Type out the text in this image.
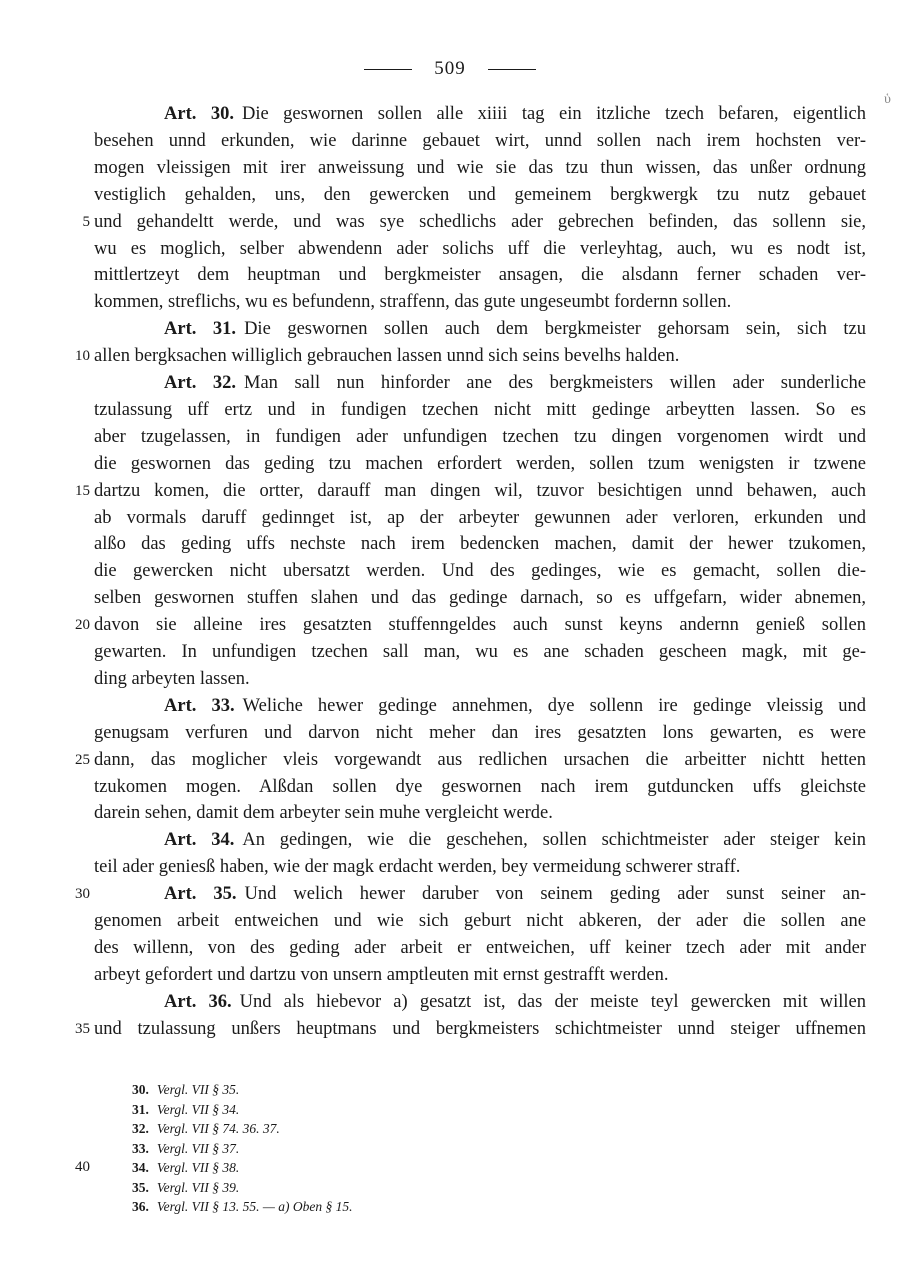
509
Art. 30. Die geswornen sollen alle xiiii tag ein itzliche tzech befaren, eigentlich
besehen unnd erkunden, wie darinne gebauet wirt, unnd sollen nach irem hochsten ver-
mogen vleissigen mit irer anweissung und wie sie das tzu thun wissen, das unßer ordnung
vestiglich gehalden, uns, den gewercken und gemeinem bergkwergk tzu nutz gebauet
und gehandeltt werde, und was sye schedlichs ader gebrechen befinden, das sollenn sie,
5
wu es moglich, selber abwendenn ader solichs uff die verleyhtag, auch, wu es nodt ist,
mittlertzeyt dem heuptman und bergkmeister ansagen, die alsdann ferner schaden ver-
kommen, streflichs, wu es befundenn, straffenn, das gute ungeseumbt fordernn sollen.
Art. 31. Die geswornen sollen auch dem bergkmeister gehorsam sein, sich tzu
allen bergksachen williglich gebrauchen lassen unnd sich seins bevelhs halden.
10
Art. 32. Man sall nun hinforder ane des bergkmeisters willen ader sunderliche
tzulassung uff ertz und in fundigen tzechen nicht mitt gedinge arbeytten lassen. So es
aber tzugelassen, in fundigen ader unfundigen tzechen tzu dingen vorgenomen wirdt und
die geswornen das geding tzu machen erfordert werden, sollen tzum wenigsten ir tzwene
dartzu komen, die ortter, darauff man dingen wil, tzuvor besichtigen unnd behawen, auch
15
ab vormals daruff gedinnget ist, ap der arbeyter gewunnen ader verloren, erkunden und
alßo das geding uffs nechste nach irem bedencken machen, damit der hewer tzukomen,
die gewercken nicht ubersatzt werden. Und des gedinges, wie es gemacht, sollen die-
selben geswornen stuffen slahen und das gedinge darnach, so es uffgefarn, wider abnemen,
davon sie alleine ires gesatzten stuffenngeldes auch sunst keyns andernn genieß sollen
20
gewarten. In unfundigen tzechen sall man, wu es ane schaden gescheen magk, mit ge-
ding arbeyten lassen.
Art. 33. Weliche hewer gedinge annehmen, dye sollenn ire gedinge vleissig und
genugsam verfuren und darvon nicht meher dan ires gesatzten lons gewarten, es were
dann, das moglicher vleis vorgewandt aus redlichen ursachen die arbeitter nichtt hetten
25
tzukomen mogen. Alßdan sollen dye geswornen nach irem gutduncken uffs gleichste
darein sehen, damit dem arbeyter sein muhe vergleicht werde.
Art. 34. An gedingen, wie die geschehen, sollen schichtmeister ader steiger kein
teil ader geniesß haben, wie der magk erdacht werden, bey vermeidung schwerer straff.
Art. 35. Und welich hewer daruber von seinem geding ader sunst seiner an-
30
genomen arbeit entweichen und wie sich geburt nicht abkeren, der ader die sollen ane
des willenn, von des geding ader arbeit er entweichen, uff keiner tzech ader mit ander
arbeyt gefordert und dartzu von unsern amptleuten mit ernst gestrafft werden.
Art. 36. Und als hiebevor a) gesatzt ist, das der meiste teyl gewercken mit willen
und tzulassung unßers heuptmans und bergkmeisters schichtmeister unnd steiger uffnemen
35
30. Vergl. VII § 35.
31. Vergl. VII § 34.
32. Vergl. VII § 74. 36. 37.
33. Vergl. VII § 37.
34. Vergl. VII § 38.
35. Vergl. VII § 39.
36. Vergl. VII § 13. 55. — a) Oben § 15.
40
ὑ
